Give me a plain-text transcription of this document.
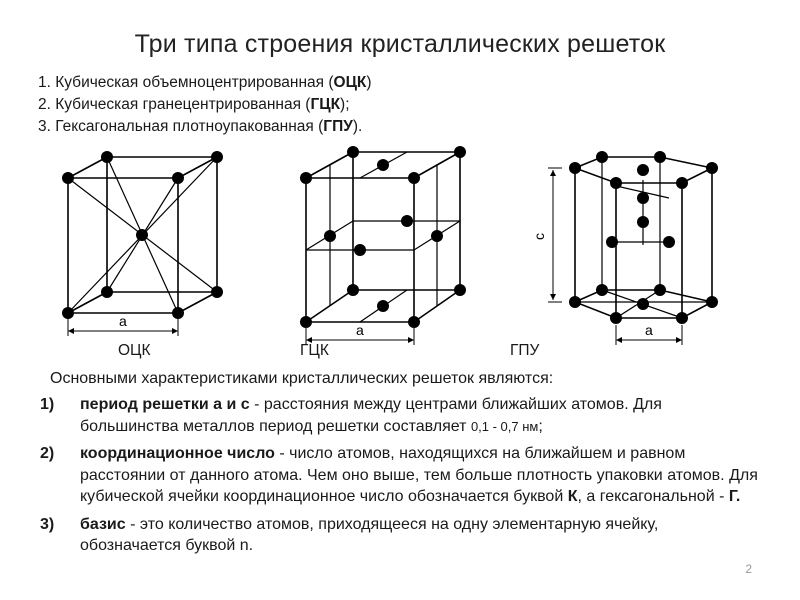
Три типа строения кристаллических решеток
1. Кубическая объемноцентрированная (ОЦК)
2. Кубическая гранецентрированная (ГЦК);
3. Гексагональная плотноупакованная (ГПУ).
a
a	a
c
ОЦК	ГЦК	ГПУ
Основными характеристиками кристаллических решеток являются:
1)	период решетки а и с - расстояния между центрами ближайших атомов. Для большинства металлов период решетки составляет 0,1 - 0,7 нм;
2)	координационное число - число атомов, находящихся на ближайшем и равном расстоянии от данного атома. Чем оно выше, тем больше плотность упаковки атомов. Для кубической ячейки координационное число обозначается буквой К, а гексагональной - Г.
3)	базис - это количество атомов, приходящееся на одну элементарную ячейку, обозначается буквой n.
2
